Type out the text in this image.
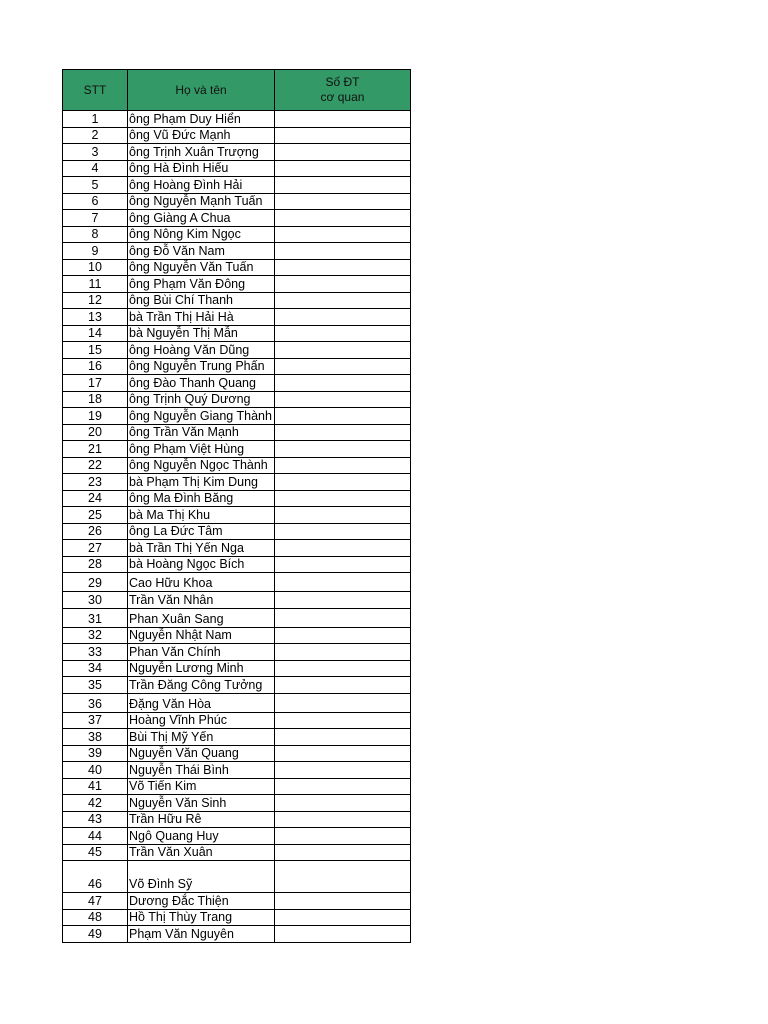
STT	Họ và tên	Số ĐT
cơ quan

1	ông Phạm Duy Hiển	
2	ông Vũ Đức Mạnh	
3	ông Trịnh Xuân Trượng	
4	ông Hà Đình Hiếu	
5	ông Hoàng Đình Hải	
6	ông Nguyễn Mạnh Tuấn	
7	ông Giàng A Chua	
8	ông Nông Kim Ngọc	
9	ông Đỗ Văn Nam	
10	ông Nguyễn Văn Tuấn	
11	ông Phạm Văn Đông	
12	ông Bùi Chí Thanh	
13	bà Trần Thị Hải Hà	
14	bà Nguyễn Thị Mẫn	
15	ông Hoàng Văn Dũng	
16	ông Nguyễn Trung Phấn	
17	ông Đào Thanh Quang	
18	ông Trịnh Quý Dương	
19	ông Nguyễn Giang Thành	
20	ông Trần Văn Mạnh	
21	ông Phạm Việt Hùng	
22	ông Nguyễn Ngọc Thành	
23	bà Phạm Thị Kim Dung	
24	ông Ma Đình Băng	
25	bà Ma Thị Khu	
26	ông La Đức Tâm	
27	bà Trần Thị Yến Nga	
28	bà Hoàng Ngọc Bích	
29	Cao Hữu Khoa	
30	Trần Văn Nhân	
31	Phan Xuân Sang	
32	Nguyễn Nhật Nam	
33	Phan Văn Chính	
34	Nguyễn Lương Minh	
35	Trần Đăng Công Tưởng	
36	Đặng Văn Hòa	
37	Hoàng Vĩnh Phúc	
38	Bùi Thị Mỹ Yến	
39	Nguyễn Văn Quang	
40	Nguyễn Thái Bình	
41	Võ Tiến Kim	
42	Nguyễn Văn Sinh	
43	Trần Hữu Rê	
44	Ngô Quang Huy	
45	Trần Văn Xuân	
46	Võ Đình Sỹ	
47	Dương Đắc Thiện	
48	Hồ Thị Thùy Trang	
49	Phạm Văn Nguyên	
